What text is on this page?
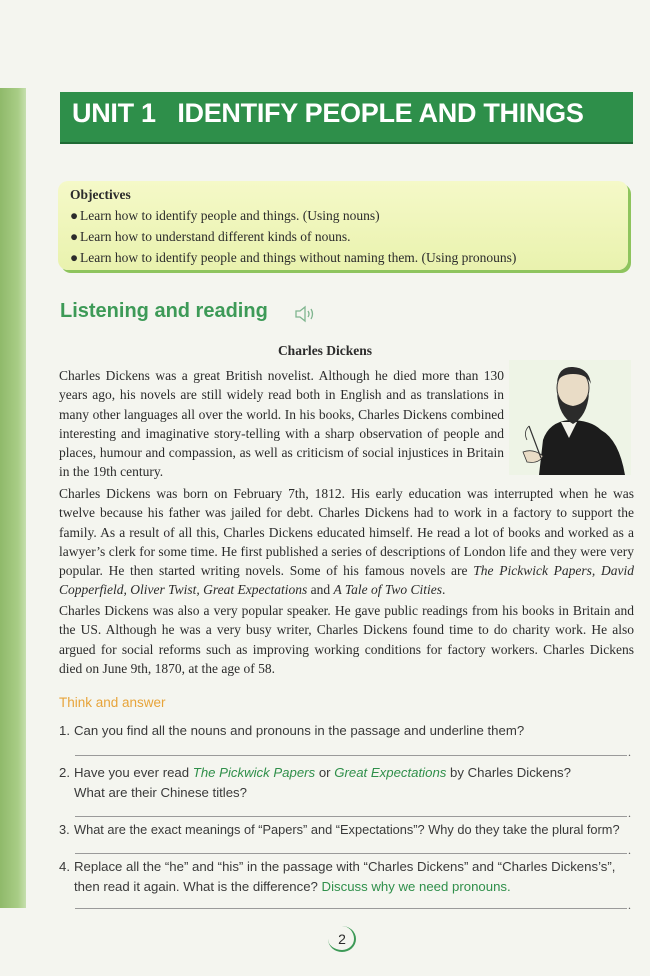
UNIT 1   IDENTIFY PEOPLE AND THINGS
Objectives
● Learn how to identify people and things. (Using nouns)
● Learn how to understand different kinds of nouns.
● Learn how to identify people and things without naming them. (Using pronouns)
Listening and reading
Charles Dickens

Charles Dickens was a great British novelist. Although he died more than 130 years ago, his novels are still widely read both in English and as translations in many other languages all over the world. In his books, Charles Dickens combined interesting and imaginative story-telling with a sharp observation of people and places, humour and compassion, as well as criticism of social injustices in Britain in the 19th century.

Charles Dickens was born on February 7th, 1812. His early education was interrupted when he was twelve because his father was jailed for debt. Charles Dickens had to work in a factory to support the family. As a result of all this, Charles Dickens educated himself. He read a lot of books and worked as a lawyer’s clerk for some time. He first published a series of descriptions of London life and they were very popular. He then started writing novels. Some of his famous novels are The Pickwick Papers, David Copperfield, Oliver Twist, Great Expectations and A Tale of Two Cities.

Charles Dickens was also a very popular speaker. He gave public readings from his books in Britain and the US. Although he was a very busy writer, Charles Dickens found time to do charity work. He also argued for social reforms such as improving working conditions for factory workers. Charles Dickens died on June 9th, 1870, at the age of 58.

Think and answer
1. Can you find all the nouns and pronouns in the passage and underline them?
.
2. Have you ever read The Pickwick Papers or Great Expectations by Charles Dickens?
What are their Chinese titles?
.
3. What are the exact meanings of “Papers” and “Expectations”? Why do they take the plural form?
.
4. Replace all the “he” and “his” in the passage with “Charles Dickens” and “Charles Dickens’s”,
then read it again. What is the difference? Discuss why we need pronouns.
.
2
